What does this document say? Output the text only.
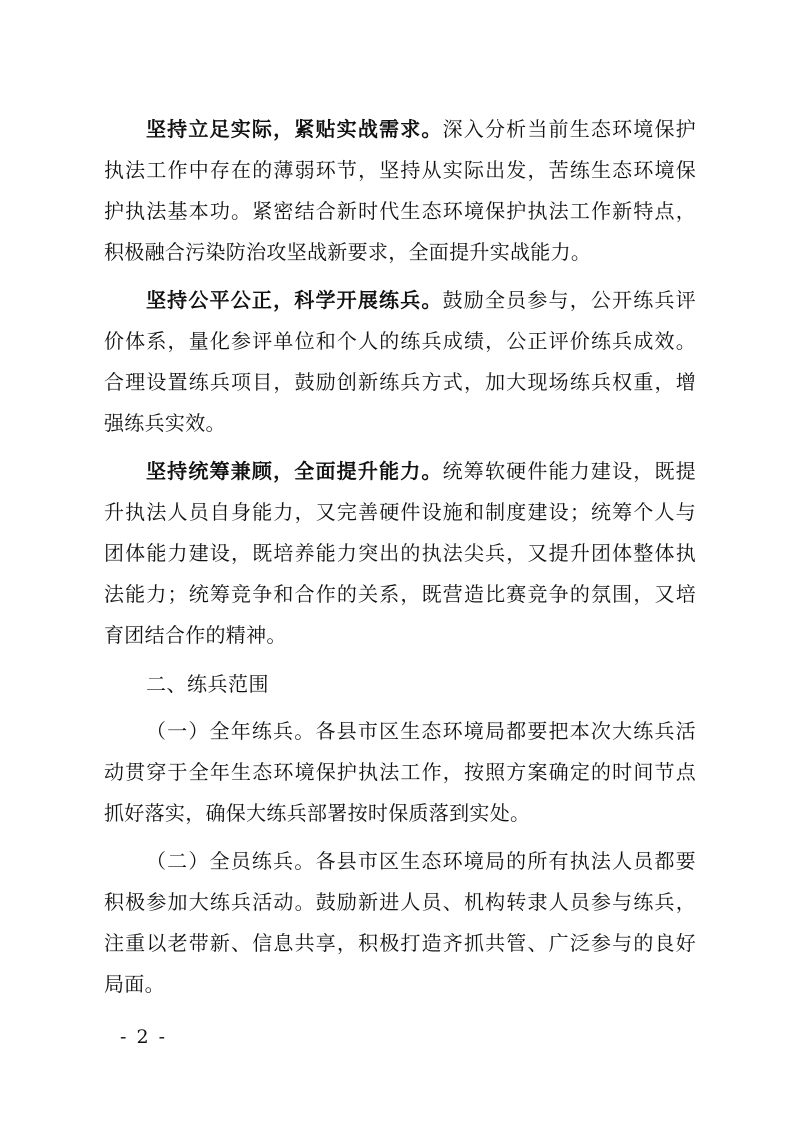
坚持立足实际，紧贴实战需求。深入分析当前生态环境保护
执法工作中存在的薄弱环节，坚持从实际出发，苦练生态环境保
护执法基本功。紧密结合新时代生态环境保护执法工作新特点，
积极融合污染防治攻坚战新要求，全面提升实战能力。
坚持公平公正，科学开展练兵。鼓励全员参与，公开练兵评
价体系，量化参评单位和个人的练兵成绩，公正评价练兵成效。
合理设置练兵项目，鼓励创新练兵方式，加大现场练兵权重，增
强练兵实效。
坚持统筹兼顾，全面提升能力。统筹软硬件能力建设，既提
升执法人员自身能力，又完善硬件设施和制度建设；统筹个人与
团体能力建设，既培养能力突出的执法尖兵，又提升团体整体执
法能力；统筹竞争和合作的关系，既营造比赛竞争的氛围，又培
育团结合作的精神。
二、练兵范围
（一）全年练兵。各县市区生态环境局都要把本次大练兵活
动贯穿于全年生态环境保护执法工作，按照方案确定的时间节点
抓好落实，确保大练兵部署按时保质落到实处。
（二）全员练兵。各县市区生态环境局的所有执法人员都要
积极参加大练兵活动。鼓励新进人员、机构转隶人员参与练兵，
注重以老带新、信息共享，积极打造齐抓共管、广泛参与的良好
局面。
- 2 -
